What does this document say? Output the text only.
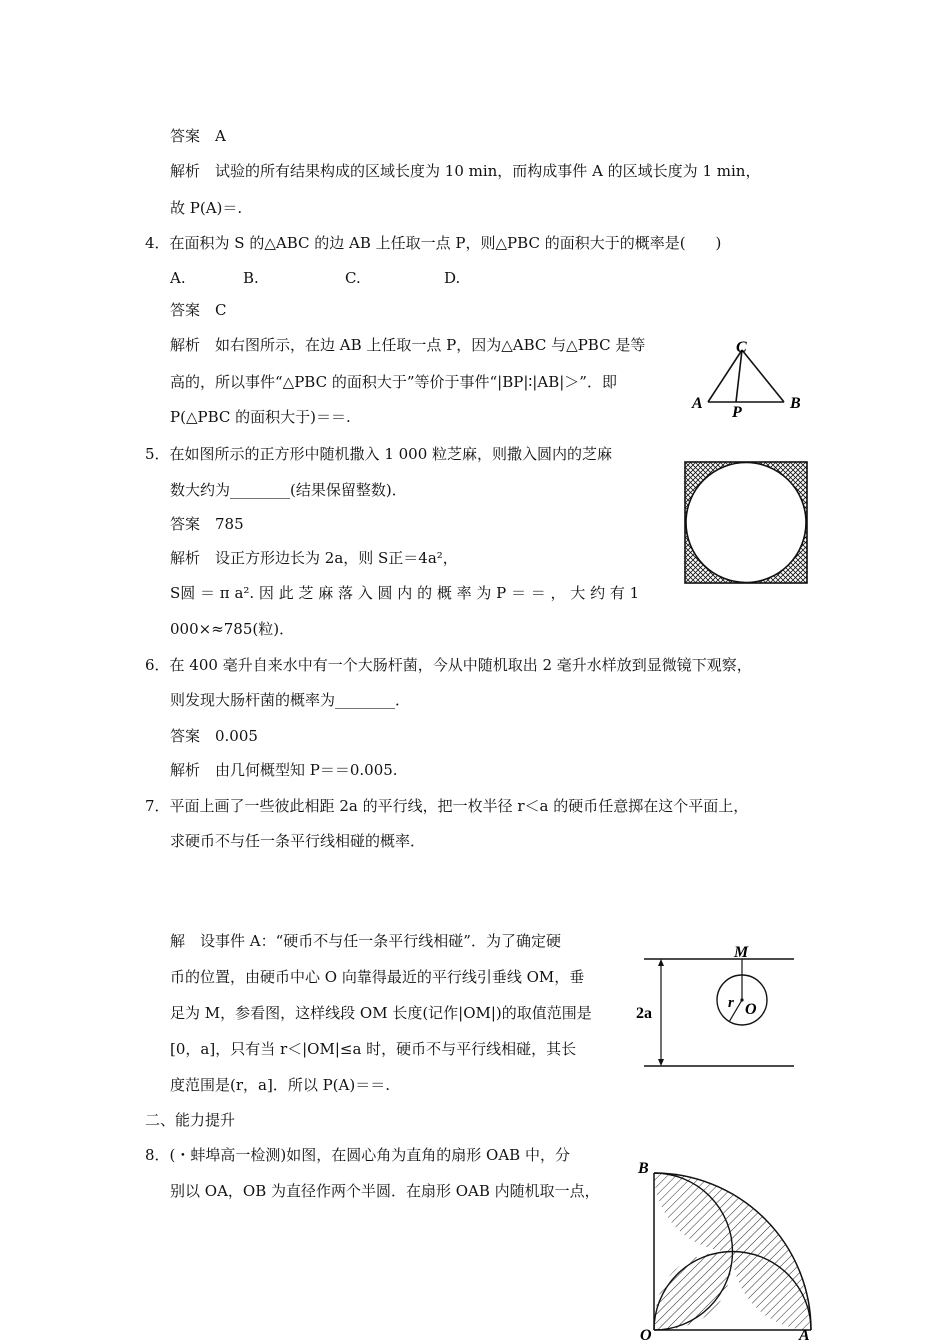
答案　A
解析　试验的所有结果构成的区域长度为 10 min，而构成事件 A 的区域长度为 1 min，
故 P(A)＝.
4．在面积为 S 的△ABC 的边 AB 上任取一点 P，则△PBC 的面积大于的概率是(　　)
A.	B.	C.	D.
答案　C
解析　如右图所示，在边 AB 上任取一点 P，因为△ABC 与△PBC 是等
高的，所以事件“△PBC 的面积大于”等价于事件“|BP|∶|AB|＞”．即
P(△PBC 的面积大于)＝＝.
5．在如图所示的正方形中随机撒入 1 000 粒芝麻，则撒入圆内的芝麻
数大约为________(结果保留整数)．
答案　785
解析　设正方形边长为 2a，则 S正＝4a²，
S圆 ＝ π a². 因 此 芝 麻 落 入 圆 内 的 概 率 为 P ＝ ＝ ， 大 约 有 1
000×≈785(粒)．
6．在 400 毫升自来水中有一个大肠杆菌，今从中随机取出 2 毫升水样放到显微镜下观察，
则发现大肠杆菌的概率为________．
答案　0.005
解析　由几何概型知 P＝＝0.005.
7．平面上画了一些彼此相距 2a 的平行线，把一枚半径 r＜a 的硬币任意掷在这个平面上，
求硬币不与任一条平行线相碰的概率．
解　设事件 A：“硬币不与任一条平行线相碰”．为了确定硬
币的位置，由硬币中心 O 向靠得最近的平行线引垂线 OM，垂
足为 M，参看图，这样线段 OM 长度(记作|OM|)的取值范围是
[0，a]，只有当 r＜|OM|≤a 时，硬币不与平行线相碰，其长
度范围是(r，a]．所以 P(A)＝＝.
二、能力提升
8．(・蚌埠高一检测)如图，在圆心角为直角的扇形 OAB 中，分
别以 OA，OB 为直径作两个半圆．在扇形 OAB 内随机取一点，
C
A
P
B
M
r O
2a
B
O	A
